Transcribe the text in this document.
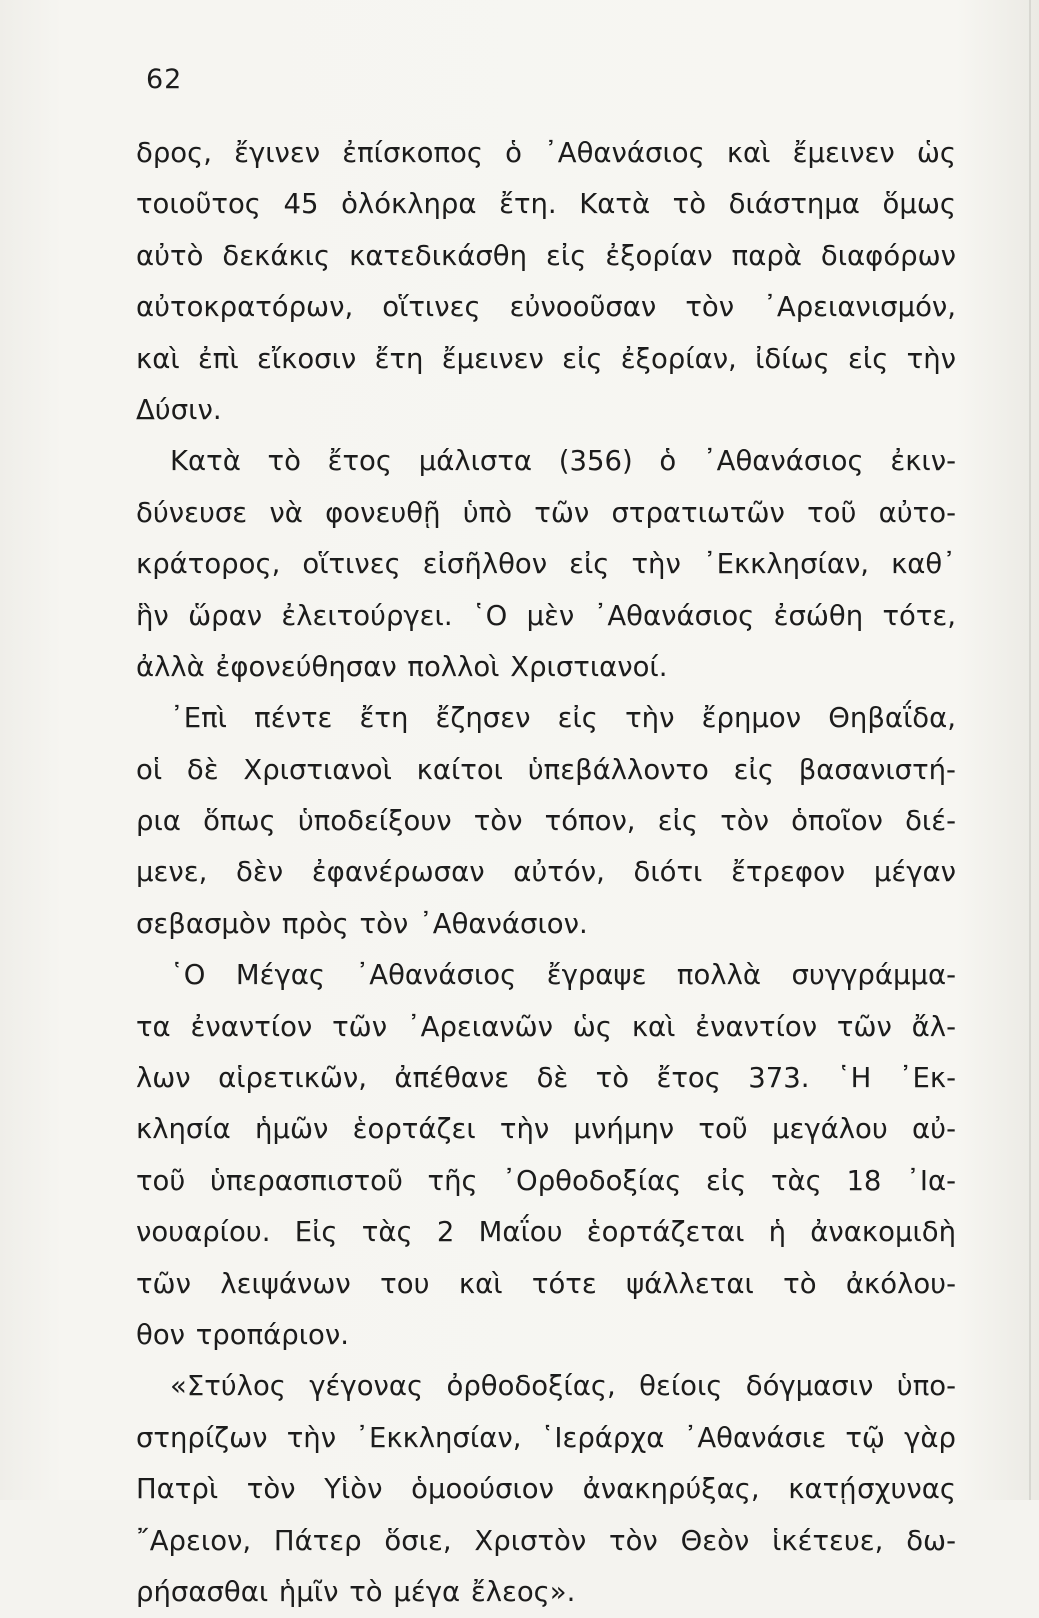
62
δρος, ἔγινεν ἐπίσκοπος ὁ ᾿Αθανάσιος καὶ ἔμεινεν ὡς
τοιοῦτος 45 ὁλόκληρα ἔτη. Κατὰ τὸ διάστημα ὅμως
αὐτὸ δεκάκις κατεδικάσθη εἰς ἐξορίαν παρὰ διαφόρων
αὐτοκρατόρων, οἵτινες εὐνοοῦσαν τὸν ᾿Αρειανισμόν,
καὶ ἐπὶ εἴκοσιν ἔτη ἔμεινεν εἰς ἐξορίαν, ἰδίως εἰς τὴν
Δύσιν.
Κατὰ τὸ ἔτος μάλιστα (356) ὁ ᾿Αθανάσιος ἐκιν-
δύνευσε νὰ φονευθῇ ὑπὸ τῶν στρατιωτῶν τοῦ αὐτο-
κράτορος, οἵτινες εἰσῆλθον εἰς τὴν ᾿Εκκλησίαν, καθ᾿
ἣν ὥραν ἐλειτούργει. ῾Ο μὲν ᾿Αθανάσιος ἐσώθη τότε,
ἀλλὰ ἐφονεύθησαν πολλοὶ Χριστιανοί.
᾿Επὶ πέντε ἔτη ἔζησεν εἰς τὴν ἔρημον Θηβαΐδα,
οἱ δὲ Χριστιανοὶ καίτοι ὑπεβάλλοντο εἰς βασανιστή-
ρια ὅπως ὑποδείξουν τὸν τόπον, εἰς τὸν ὁποῖον διέ-
μενε, δὲν ἐφανέρωσαν αὐτόν, διότι ἔτρεφον μέγαν
σεβασμὸν πρὸς τὸν ᾿Αθανάσιον.
῾Ο Μέγας ᾿Αθανάσιος ἔγραψε πολλὰ συγγράμμα-
τα ἐναντίον τῶν ᾿Αρειανῶν ὡς καὶ ἐναντίον τῶν ἄλ-
λων αἱρετικῶν, ἀπέθανε δὲ τὸ ἔτος 373. ῾Η ᾿Εκ-
κλησία ἡμῶν ἑορτάζει τὴν μνήμην τοῦ μεγάλου αὐ-
τοῦ ὑπερασπιστοῦ τῆς ᾿Ορθοδοξίας εἰς τὰς 18 ᾿Ια-
νουαρίου. Εἰς τὰς 2 Μαΐου ἑορτάζεται ἡ ἀνακομιδὴ
τῶν λειψάνων του καὶ τότε ψάλλεται τὸ ἀκόλου-
θον τροπάριον.
«Στύλος γέγονας ὀρθοδοξίας, θείοις δόγμασιν ὑπο-
στηρίζων τὴν ᾿Εκκλησίαν, ῾Ιεράρχα ᾿Αθανάσιε τῷ γὰρ
Πατρὶ τὸν Υἱὸν ὁμοούσιον ἀνακηρύξας, κατῄσχυνας
῎Αρειον, Πάτερ ὅσιε, Χριστὸν τὸν Θεὸν ἱκέτευε, δω-
ρήσασθαι ἡμῖν τὸ μέγα ἔλεος».
